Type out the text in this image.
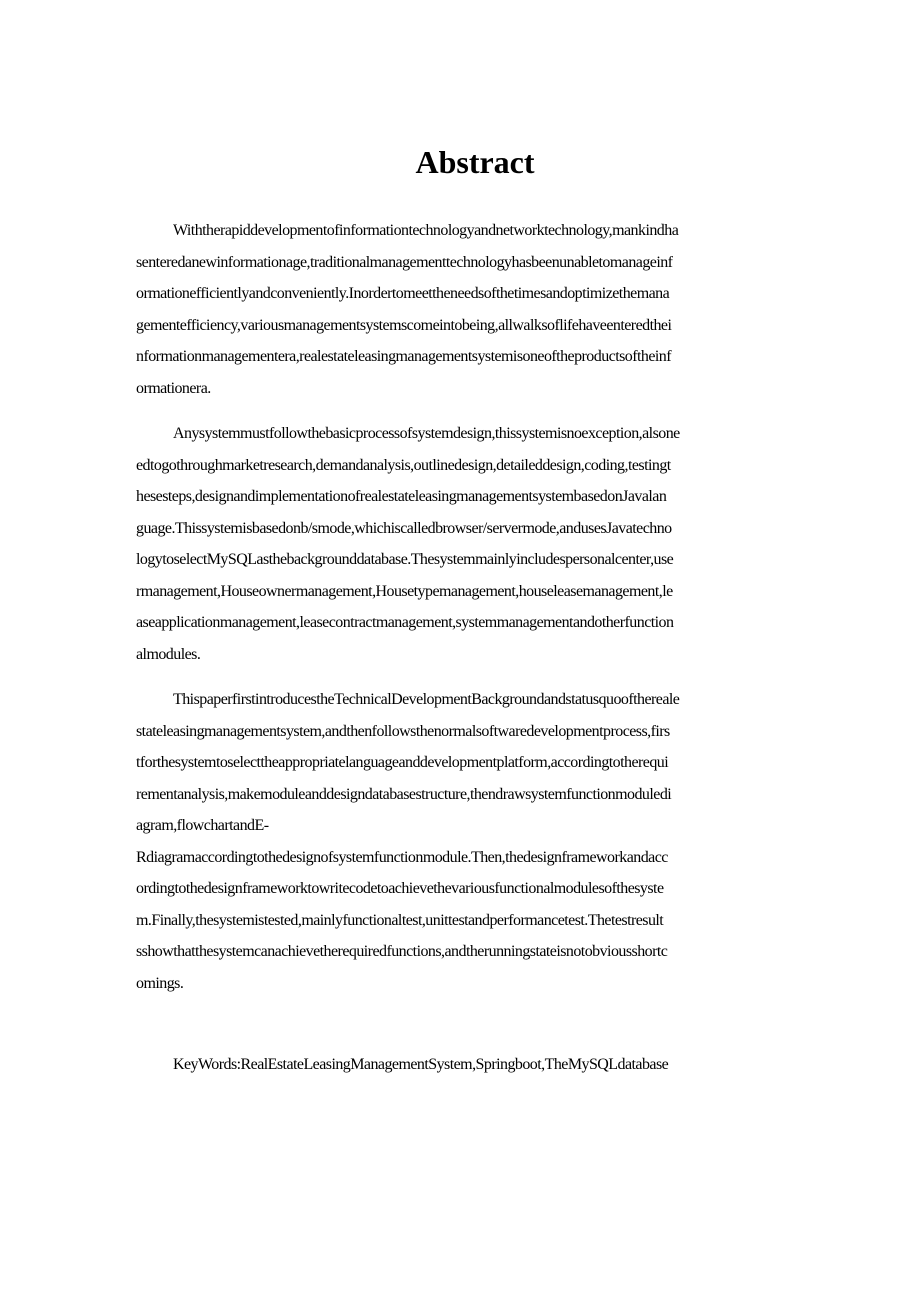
Abstract
Withtherapiddevelopmentofinformationtechnologyandnetworktechnology,mankindha
senteredanewinformationage,traditionalmanagementtechnologyhasbeenunabletomanageinf
ormationefficientlyandconveniently.Inordertomeettheneedsofthetimesandoptimizethemana
gementefficiency,variousmanagementsystemscomeintobeing,allwalksoflifehaveenteredthei
nformationmanagementera,realestateleasingmanagementsystemisoneoftheproductsoftheinf
ormationera.
Anysystemmustfollowthebasicprocessofsystemdesign,thissystemisnoexception,alsone
edtogothroughmarketresearch,demandanalysis,outlinedesign,detaileddesign,coding,testingt
hesesteps,designandimplementationofrealestateleasingmanagementsystembasedonJavalan
guage.Thissystemisbasedonb/smode,whichiscalledbrowser/servermode,andusesJavatechno
logytoselectMySQLasthebackgrounddatabase.Thesystemmainlyincludespersonalcenter,use
rmanagement,Houseownermanagement,Housetypemanagement,houseleasemanagement,le
aseapplicationmanagement,leasecontractmanagement,systemmanagementandotherfunction
almodules.
ThispaperfirstintroducestheTechnicalDevelopmentBackgroundandstatusquoofthereale
stateleasingmanagementsystem,andthenfollowsthenormalsoftwaredevelopmentprocess,firs
tforthesystemtoselecttheappropriatelanguageanddevelopmentplatform,accordingtotherequi
rementanalysis,makemoduleanddesigndatabasestructure,thendrawsystemfunctionmoduledi
agram,flowchartandE-
Rdiagramaccordingtothedesignofsystemfunctionmodule.Then,thedesignframeworkandacc
ordingtothedesignframeworktowritecodetoachievethevariousfunctionalmodulesofthesyste
m.Finally,thesystemistested,mainlyfunctionaltest,unittestandperformancetest.Thetestresult
sshowthatthesystemcanachievetherequiredfunctions,andtherunningstateisnotobviousshortc
omings.
KeyWords:RealEstateLeasingManagementSystem,Springboot,TheMySQLdatabase
